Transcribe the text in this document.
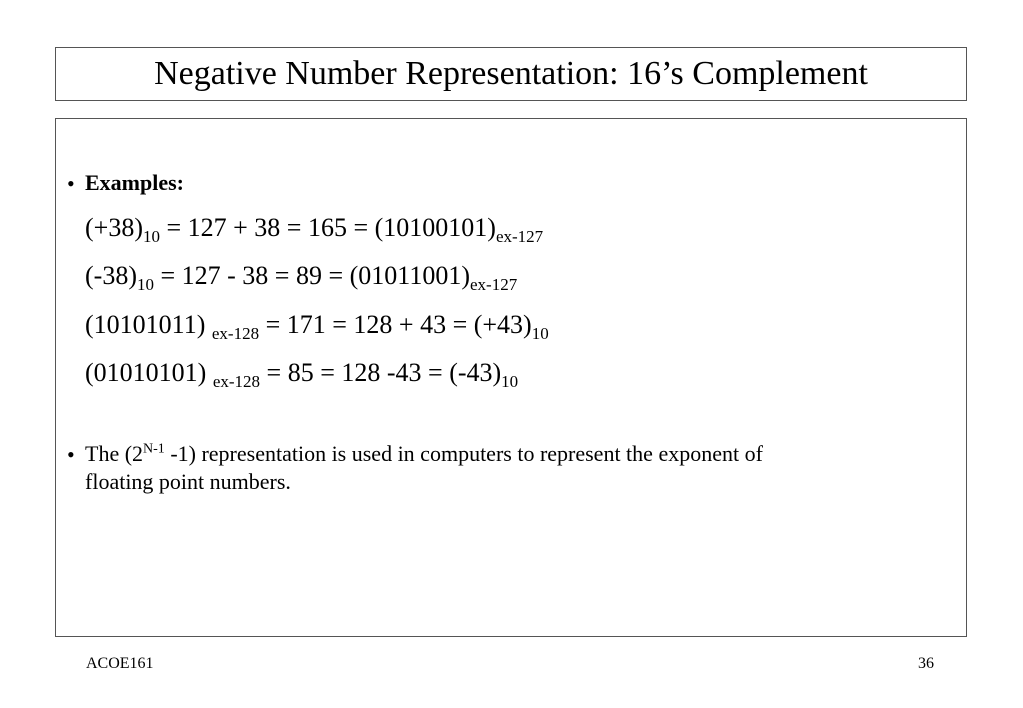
Negative Number Representation: 16’s Complement
• Examples:
$(+38)_{10} = 127 + 38 = 165 = (10100101)_{ex-127}$
$(-38)_{10} = 127 - 38 = 89 = (01011001)_{ex-127}$
(10101011) $_{ex-128} = 171 = 128 + 43 = (+43)_{10}$
(01010101) $_{ex-128}$ = 85 = 128 $-43 = (-43)_{10}$
• The ($2^{N-1}$ -1) representation is used in computers to represent the exponent of
floating point numbers.
ACOE161	36
